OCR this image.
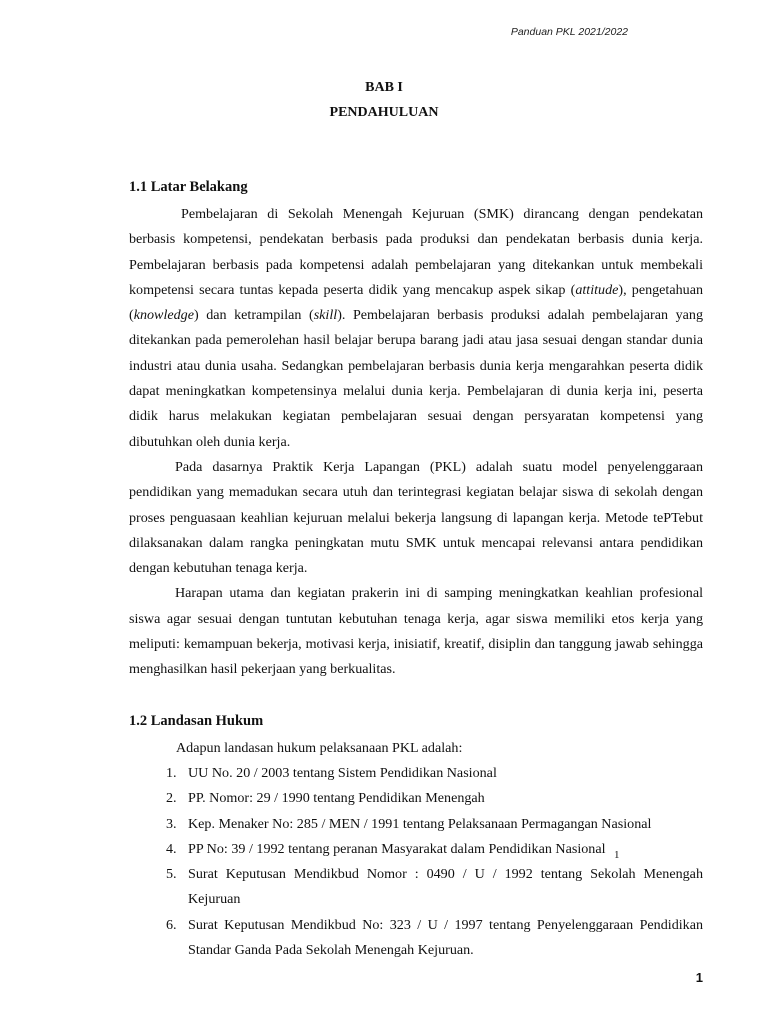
Panduan PKL 2021/2022
BAB I
PENDAHULUAN
1.1 Latar Belakang

Pembelajaran di Sekolah Menengah Kejuruan (SMK) dirancang dengan pendekatan berbasis kompetensi, pendekatan berbasis pada produksi dan pendekatan berbasis dunia kerja. Pembelajaran berbasis pada kompetensi adalah pembelajaran yang ditekankan untuk membekali kompetensi secara tuntas kepada peserta didik yang mencakup aspek sikap (attitude), pengetahuan (knowledge) dan ketrampilan (skill). Pembelajaran berbasis produksi adalah pembelajaran yang ditekankan pada pemerolehan hasil belajar berupa barang jadi atau jasa sesuai dengan standar dunia industri atau dunia usaha. Sedangkan pembelajaran berbasis dunia kerja mengarahkan peserta didik dapat meningkatkan kompetensinya melalui dunia kerja. Pembelajaran di dunia kerja ini, peserta didik harus melakukan kegiatan pembelajaran sesuai dengan persyaratan kompetensi yang dibutuhkan oleh dunia kerja.

Pada dasarnya Praktik Kerja Lapangan (PKL) adalah suatu model penyelenggaraan pendidikan yang memadukan secara utuh dan terintegrasi kegiatan belajar siswa di sekolah dengan proses penguasaan keahlian kejuruan melalui bekerja langsung di lapangan kerja. Metode tePTebut dilaksanakan dalam rangka peningkatan mutu SMK untuk mencapai relevansi antara pendidikan dengan kebutuhan tenaga kerja.

Harapan utama dan kegiatan prakerin ini di samping meningkatkan keahlian profesional siswa agar sesuai dengan tuntutan kebutuhan tenaga kerja, agar siswa memiliki etos kerja yang meliputi: kemampuan bekerja, motivasi kerja, inisiatif, kreatif, disiplin dan tanggung jawab sehingga menghasilkan hasil pekerjaan yang berkualitas.

1.2 Landasan Hukum
Adapun landasan hukum pelaksanaan PKL adalah:
1. UU No. 20 / 2003 tentang Sistem Pendidikan Nasional
2. PP. Nomor: 29 / 1990 tentang Pendidikan Menengah
3. Kep. Menaker No: 285 / MEN / 1991 tentang Pelaksanaan Permagangan Nasional
4. PP No: 39 / 1992 tentang peranan Masyarakat dalam Pendidikan Nasional
5. Surat Keputusan Mendikbud Nomor : 0490 / U / 1992 tentang Sekolah Menengah Kejuruan
6. Surat Keputusan Mendikbud No: 323 / U / 1997 tentang Penyelenggaraan Pendidikan Standar Ganda Pada Sekolah Menengah Kejuruan.
1
1
